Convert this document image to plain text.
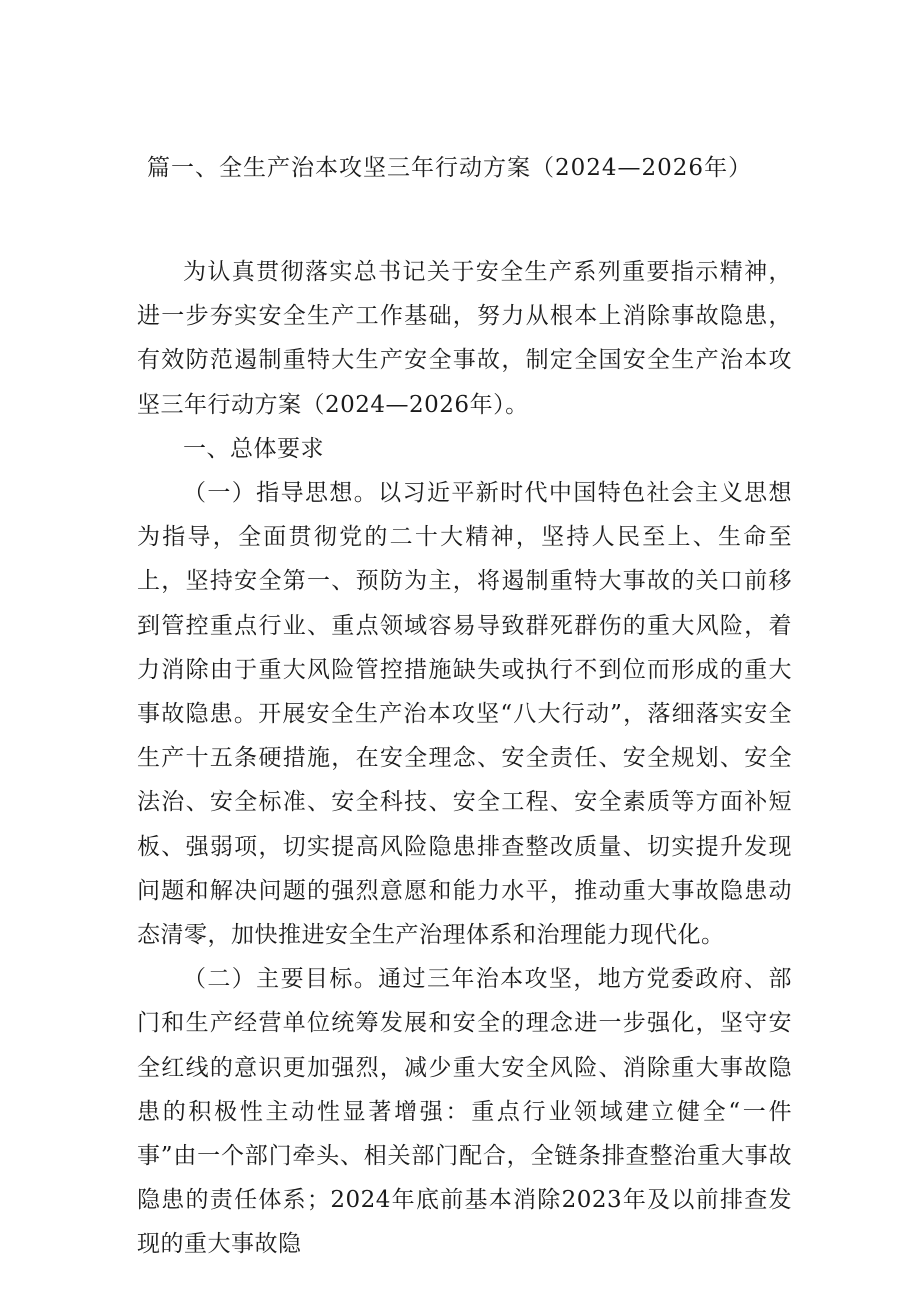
篇一、全生产治本攻坚三年行动方案（2024—2026年）

为认真贯彻落实总书记关于安全生产系列重要指示精神，进一步夯实安全生产工作基础，努力从根本上消除事故隐患，有效防范遏制重特大生产安全事故，制定全国安全生产治本攻坚三年行动方案（2024—2026年）。

一、总体要求

（一）指导思想。以习近平新时代中国特色社会主义思想为指导，全面贯彻党的二十大精神，坚持人民至上、生命至上，坚持安全第一、预防为主，将遏制重特大事故的关口前移到管控重点行业、重点领域容易导致群死群伤的重大风险，着力消除由于重大风险管控措施缺失或执行不到位而形成的重大事故隐患。开展安全生产治本攻坚“八大行动”，落细落实安全生产十五条硬措施，在安全理念、安全责任、安全规划、安全法治、安全标准、安全科技、安全工程、安全素质等方面补短板、强弱项，切实提高风险隐患排查整改质量、切实提升发现问题和解决问题的强烈意愿和能力水平，推动重大事故隐患动态清零，加快推进安全生产治理体系和治理能力现代化。

（二）主要目标。通过三年治本攻坚，地方党委政府、部门和生产经营单位统筹发展和安全的理念进一步强化，坚守安全红线的意识更加强烈，减少重大安全风险、消除重大事故隐患的积极性主动性显著增强：重点行业领域建立健全“一件事”由一个部门牵头、相关部门配合，全链条排查整治重大事故隐患的责任体系；2024年底前基本消除2023年及以前排查发现的重大事故隐
